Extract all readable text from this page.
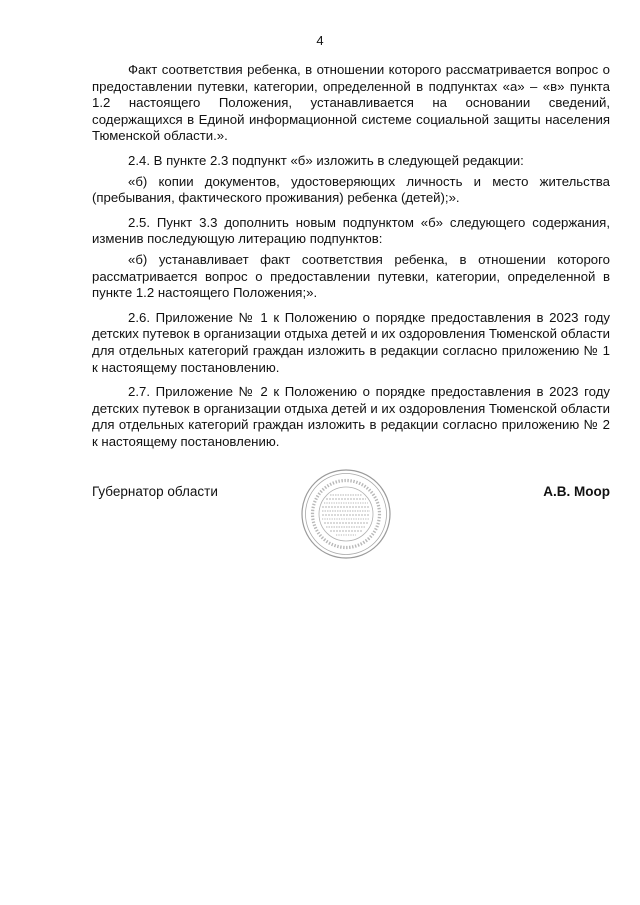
4

Факт соответствия ребенка, в отношении которого рассматривается вопрос о предоставлении путевки, категории, определенной в подпунктах «а» – «в» пункта 1.2 настоящего Положения, устанавливается на основании сведений, содержащихся в Единой информационной системе социальной защиты населения Тюменской области.».

2.4. В пункте 2.3 подпункт «б» изложить в следующей редакции:

«б) копии документов, удостоверяющих личность и место жительства (пребывания, фактического проживания) ребенка (детей);».

2.5. Пункт 3.3 дополнить новым подпунктом «б» следующего содержания, изменив последующую литерацию подпунктов:

«б) устанавливает факт соответствия ребенка, в отношении которого рассматривается вопрос о предоставлении путевки, категории, определенной в пункте 1.2 настоящего Положения;».

2.6. Приложение № 1 к Положению о порядке предоставления в 2023 году детских путевок в организации отдыха детей и их оздоровления Тюменской области для отдельных категорий граждан изложить в редакции согласно приложению № 1 к настоящему постановлению.

2.7. Приложение № 2 к Положению о порядке предоставления в 2023 году детских путевок в организации отдыха детей и их оздоровления Тюменской области для отдельных категорий граждан изложить в редакции согласно приложению № 2 к настоящему постановлению.

Губернатор области	А.В. Моор
